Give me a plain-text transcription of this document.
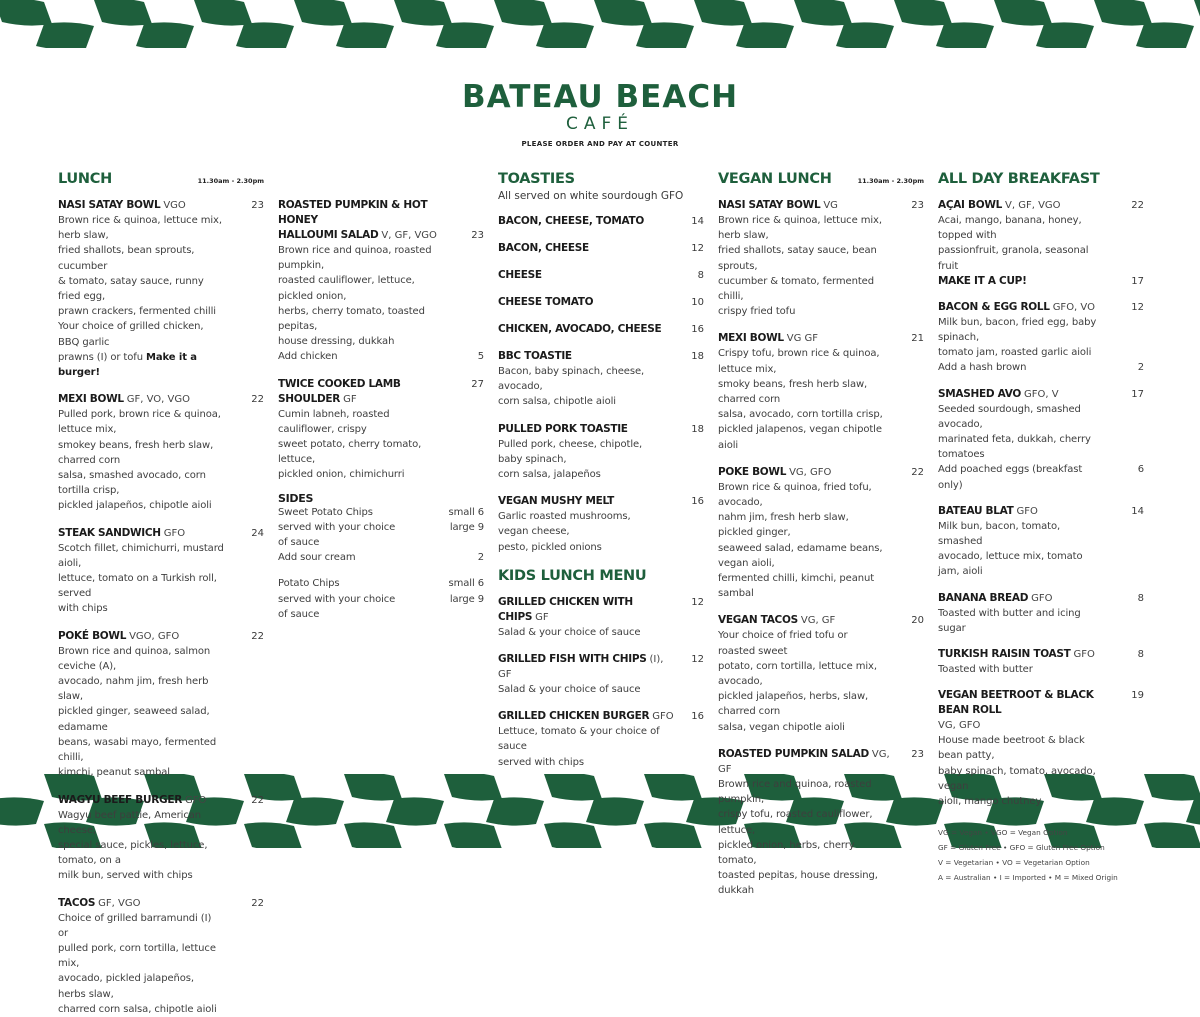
BATEAU BEACH
CAFÉ
PLEASE ORDER AND PAY AT COUNTER
LUNCH	11.30am - 2.30pm
NASI SATAY BOWL VGO	23
Brown rice & quinoa, lettuce mix, herb slaw,
fried shallots, bean sprouts, cucumber
& tomato, satay sauce, runny fried egg,
prawn crackers, fermented chilli
Your choice of grilled chicken, BBQ garlic
prawns (I) or tofu Make it a burger!
MEXI BOWL GF, VO, VGO	22
Pulled pork, brown rice & quinoa, lettuce mix,
smokey beans, fresh herb slaw, charred corn
salsa, smashed avocado, corn tortilla crisp,
pickled jalapeños, chipotle aioli
STEAK SANDWICH GFO	24
Scotch fillet, chimichurri, mustard aioli,
lettuce, tomato on a Turkish roll, served
with chips
POKÉ BOWL VGO, GFO	22
Brown rice and quinoa, salmon ceviche (A),
avocado, nahm jim, fresh herb slaw,
pickled ginger, seaweed salad, edamame
beans, wasabi mayo, fermented chilli,
kimchi, peanut sambal
WAGYU BEEF BURGER GFO	22
Wagyu beef pattie, American cheese,
special sauce, pickles, lettuce, tomato, on a
milk bun, served with chips
TACOS GF, VGO	22
Choice of grilled barramundi (I) or
pulled pork, corn tortilla, lettuce mix,
avocado, pickled jalapeños, herbs slaw,
charred corn salsa, chipotle aioli
ROASTED PUMPKIN & HOT HONEY
HALLOUMI SALAD V, GF, VGO	23
Brown rice and quinoa, roasted pumpkin,
roasted cauliflower, lettuce, pickled onion,
herbs, cherry tomato, toasted pepitas,
house dressing, dukkah
Add chicken	5
TWICE COOKED LAMB SHOULDER GF
27
Cumin labneh, roasted cauliflower, crispy
sweet potato, cherry tomato, lettuce,
pickled onion, chimichurri
SIDES
Sweet Potato Chips	small 6
served with your choice	large 9
of sauce
Add sour cream	2
Potato Chips	small 6
served with your choice	large 9
of sauce
TOASTIES
All served on white sourdough GFO
BACON, CHEESE, TOMATO	14
BACON, CHEESE	12
CHEESE	8
CHEESE TOMATO	10
CHICKEN, AVOCADO, CHEESE	16
BBC TOASTIE	18
Bacon, baby spinach, cheese, avocado,
corn salsa, chipotle aioli
PULLED PORK TOASTIE	18
Pulled pork, cheese, chipotle, baby spinach,
corn salsa, jalapeños
VEGAN MUSHY MELT	16
Garlic roasted mushrooms, vegan cheese,
pesto, pickled onions
KIDS LUNCH MENU
GRILLED CHICKEN WITH CHIPS GF
12
Salad & your choice of sauce
GRILLED FISH WITH CHIPS (I), GF
12
Salad & your choice of sauce
GRILLED CHICKEN BURGER GFO 16
Lettuce, tomato & your choice of sauce
served with chips
VEGAN LUNCH	11.30am - 2.30pm
NASI SATAY BOWL VG	23
Brown rice & quinoa, lettuce mix, herb slaw,
fried shallots, satay sauce, bean sprouts,
cucumber & tomato, fermented chilli,
crispy fried tofu
MEXI BOWL VG GF	21
Crispy tofu, brown rice & quinoa, lettuce mix,
smoky beans, fresh herb slaw, charred corn
salsa, avocado, corn tortilla crisp,
pickled jalapenos, vegan chipotle aioli
POKE BOWL VG, GFO	22
Brown rice & quinoa, fried tofu, avocado,
nahm jim, fresh herb slaw, pickled ginger,
seaweed salad, edamame beans, vegan aioli,
fermented chilli, kimchi, peanut sambal
VEGAN TACOS VG, GF	20
Your choice of fried tofu or roasted sweet
potato, corn tortilla, lettuce mix, avocado,
pickled jalapeños, herbs, slaw, charred corn
salsa, vegan chipotle aioli
ROASTED PUMPKIN SALAD VG, GF
23
Brown rice and quinoa, roasted pumpkin,
crispy tofu, roasted cauliflower, lettuce,
pickled onion, herbs, cherry tomato,
toasted pepitas, house dressing, dukkah
ALL DAY BREAKFAST
AÇAI BOWL V, GF, VGO	22
Acai, mango, banana, honey, topped with
passionfruit, granola, seasonal fruit
MAKE IT A CUP!	17
BACON & EGG ROLL GFO, VO	12
Milk bun, bacon, fried egg, baby spinach,
tomato jam, roasted garlic aioli
Add a hash brown	2
SMASHED AVO GFO, V	17
Seeded sourdough, smashed avocado,
marinated feta, dukkah, cherry tomatoes
Add poached eggs (breakfast only)
6
BATEAU BLAT GFO	14
Milk bun, bacon, tomato, smashed
avocado, lettuce mix, tomato jam, aioli
BANANA BREAD GFO	8
Toasted with butter and icing sugar
TURKISH RAISIN TOAST GFO	8
Toasted with butter
VEGAN BEETROOT & BLACK BEAN ROLL
19
VG, GFO
House made beetroot & black bean patty,
baby spinach, tomato, avocado, vegan
aioli, mango chutney
VG = Vegan • VGO = Vegan Option
GF = Gluten Free • GFO = Gluten Free Option
V = Vegetarian • VO = Vegetarian Option
A = Australian • I = Imported • M = Mixed Origin
